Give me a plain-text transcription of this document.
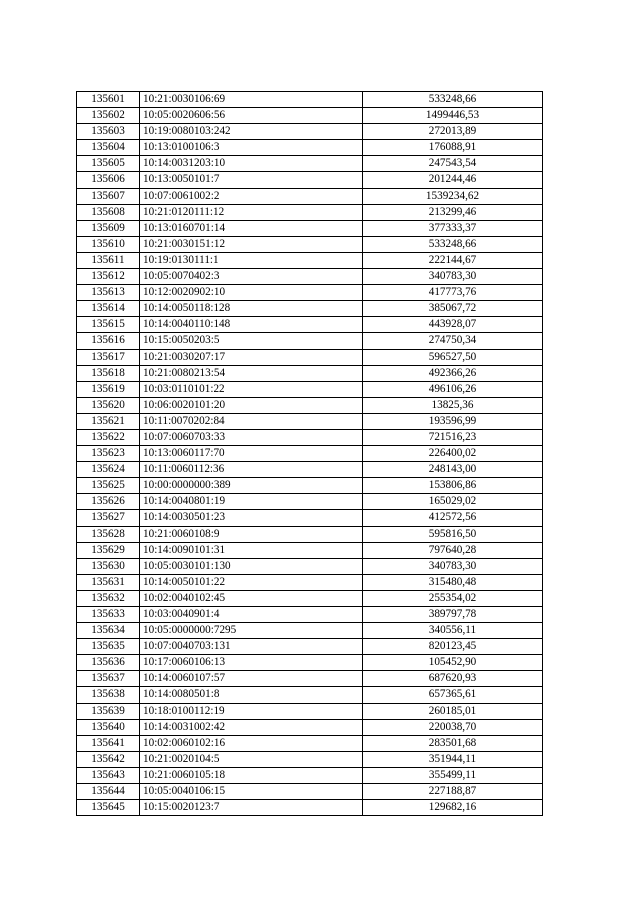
135601	10:21:0030106:69	533248,66
135602	10:05:0020606:56	1499446,53
135603	10:19:0080103:242	272013,89
135604	10:13:0100106:3	176088,91
135605	10:14:0031203:10	247543,54
135606	10:13:0050101:7	201244,46
135607	10:07:0061002:2	1539234,62
135608	10:21:0120111:12	213299,46
135609	10:13:0160701:14	377333,37
135610	10:21:0030151:12	533248,66
135611	10:19:0130111:1	222144,67
135612	10:05:0070402:3	340783,30
135613	10:12:0020902:10	417773,76
135614	10:14:0050118:128	385067,72
135615	10:14:0040110:148	443928,07
135616	10:15:0050203:5	274750,34
135617	10:21:0030207:17	596527,50
135618	10:21:0080213:54	492366,26
135619	10:03:0110101:22	496106,26
135620	10:06:0020101:20	13825,36
135621	10:11:0070202:84	193596,99
135622	10:07:0060703:33	721516,23
135623	10:13:0060117:70	226400,02
135624	10:11:0060112:36	248143,00
135625	10:00:0000000:389	153806,86
135626	10:14:0040801:19	165029,02
135627	10:14:0030501:23	412572,56
135628	10:21:0060108:9	595816,50
135629	10:14:0090101:31	797640,28
135630	10:05:0030101:130	340783,30
135631	10:14:0050101:22	315480,48
135632	10:02:0040102:45	255354,02
135633	10:03:0040901:4	389797,78
135634	10:05:0000000:7295	340556,11
135635	10:07:0040703:131	820123,45
135636	10:17:0060106:13	105452,90
135637	10:14:0060107:57	687620,93
135638	10:14:0080501:8	657365,61
135639	10:18:0100112:19	260185,01
135640	10:14:0031002:42	220038,70
135641	10:02:0060102:16	283501,68
135642	10:21:0020104:5	351944,11
135643	10:21:0060105:18	355499,11
135644	10:05:0040106:15	227188,87
135645	10:15:0020123:7	129682,16
